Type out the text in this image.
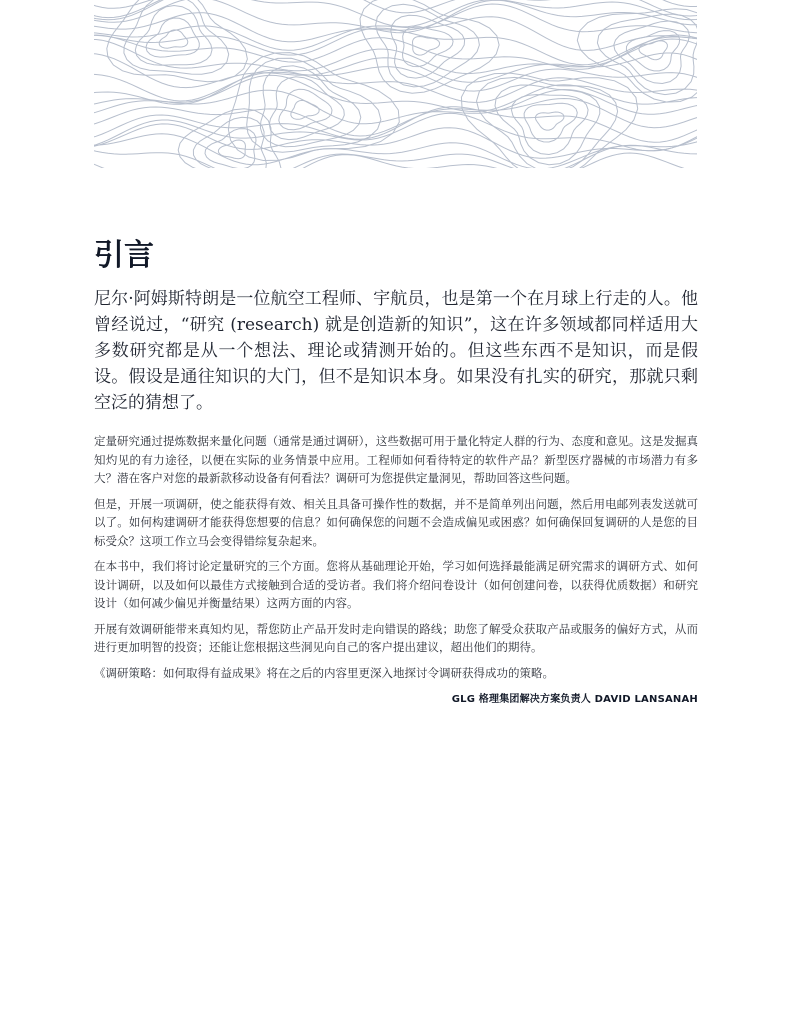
引言

尼尔·阿姆斯特朗是一位航空工程师、宇航员，也是第一个在月球上行走的人。他曾经说过，“研究 (research) 就是创造新的知识”，这在许多领域都同样适用大多数研究都是从一个想法、理论或猜测开始的。但这些东西不是知识，而是假设。假设是通往知识的大门，但不是知识本身。如果没有扎实的研究，那就只剩空泛的猜想了。

定量研究通过提炼数据来量化问题（通常是通过调研），这些数据可用于量化特定人群的行为、态度和意见。这是发掘真知灼见的有力途径，以便在实际的业务情景中应用。工程师如何看待特定的软件产品？新型医疗器械的市场潜力有多大？潜在客户对您的最新款移动设备有何看法？调研可为您提供定量洞见，帮助回答这些问题。

但是，开展一项调研，使之能获得有效、相关且具备可操作性的数据，并不是简单列出问题，然后用电邮列表发送就可以了。如何构建调研才能获得您想要的信息？如何确保您的问题不会造成偏见或困惑？如何确保回复调研的人是您的目标受众？这项工作立马会变得错综复杂起来。

在本书中，我们将讨论定量研究的三个方面。您将从基础理论开始，学习如何选择最能满足研究需求的调研方式、如何设计调研，以及如何以最佳方式接触到合适的受访者。我们将介绍问卷设计（如何创建问卷，以获得优质数据）和研究设计（如何减少偏见并衡量结果）这两方面的内容。

开展有效调研能带来真知灼见，帮您防止产品开发时走向错误的路线；助您了解受众获取产品或服务的偏好方式，从而进行更加明智的投资；还能让您根据这些洞见向自己的客户提出建议，超出他们的期待。

《调研策略：如何取得有益成果》将在之后的内容里更深入地探讨令调研获得成功的策略。

GLG 格理集团解决方案负责人 DAVID LANSANAH
